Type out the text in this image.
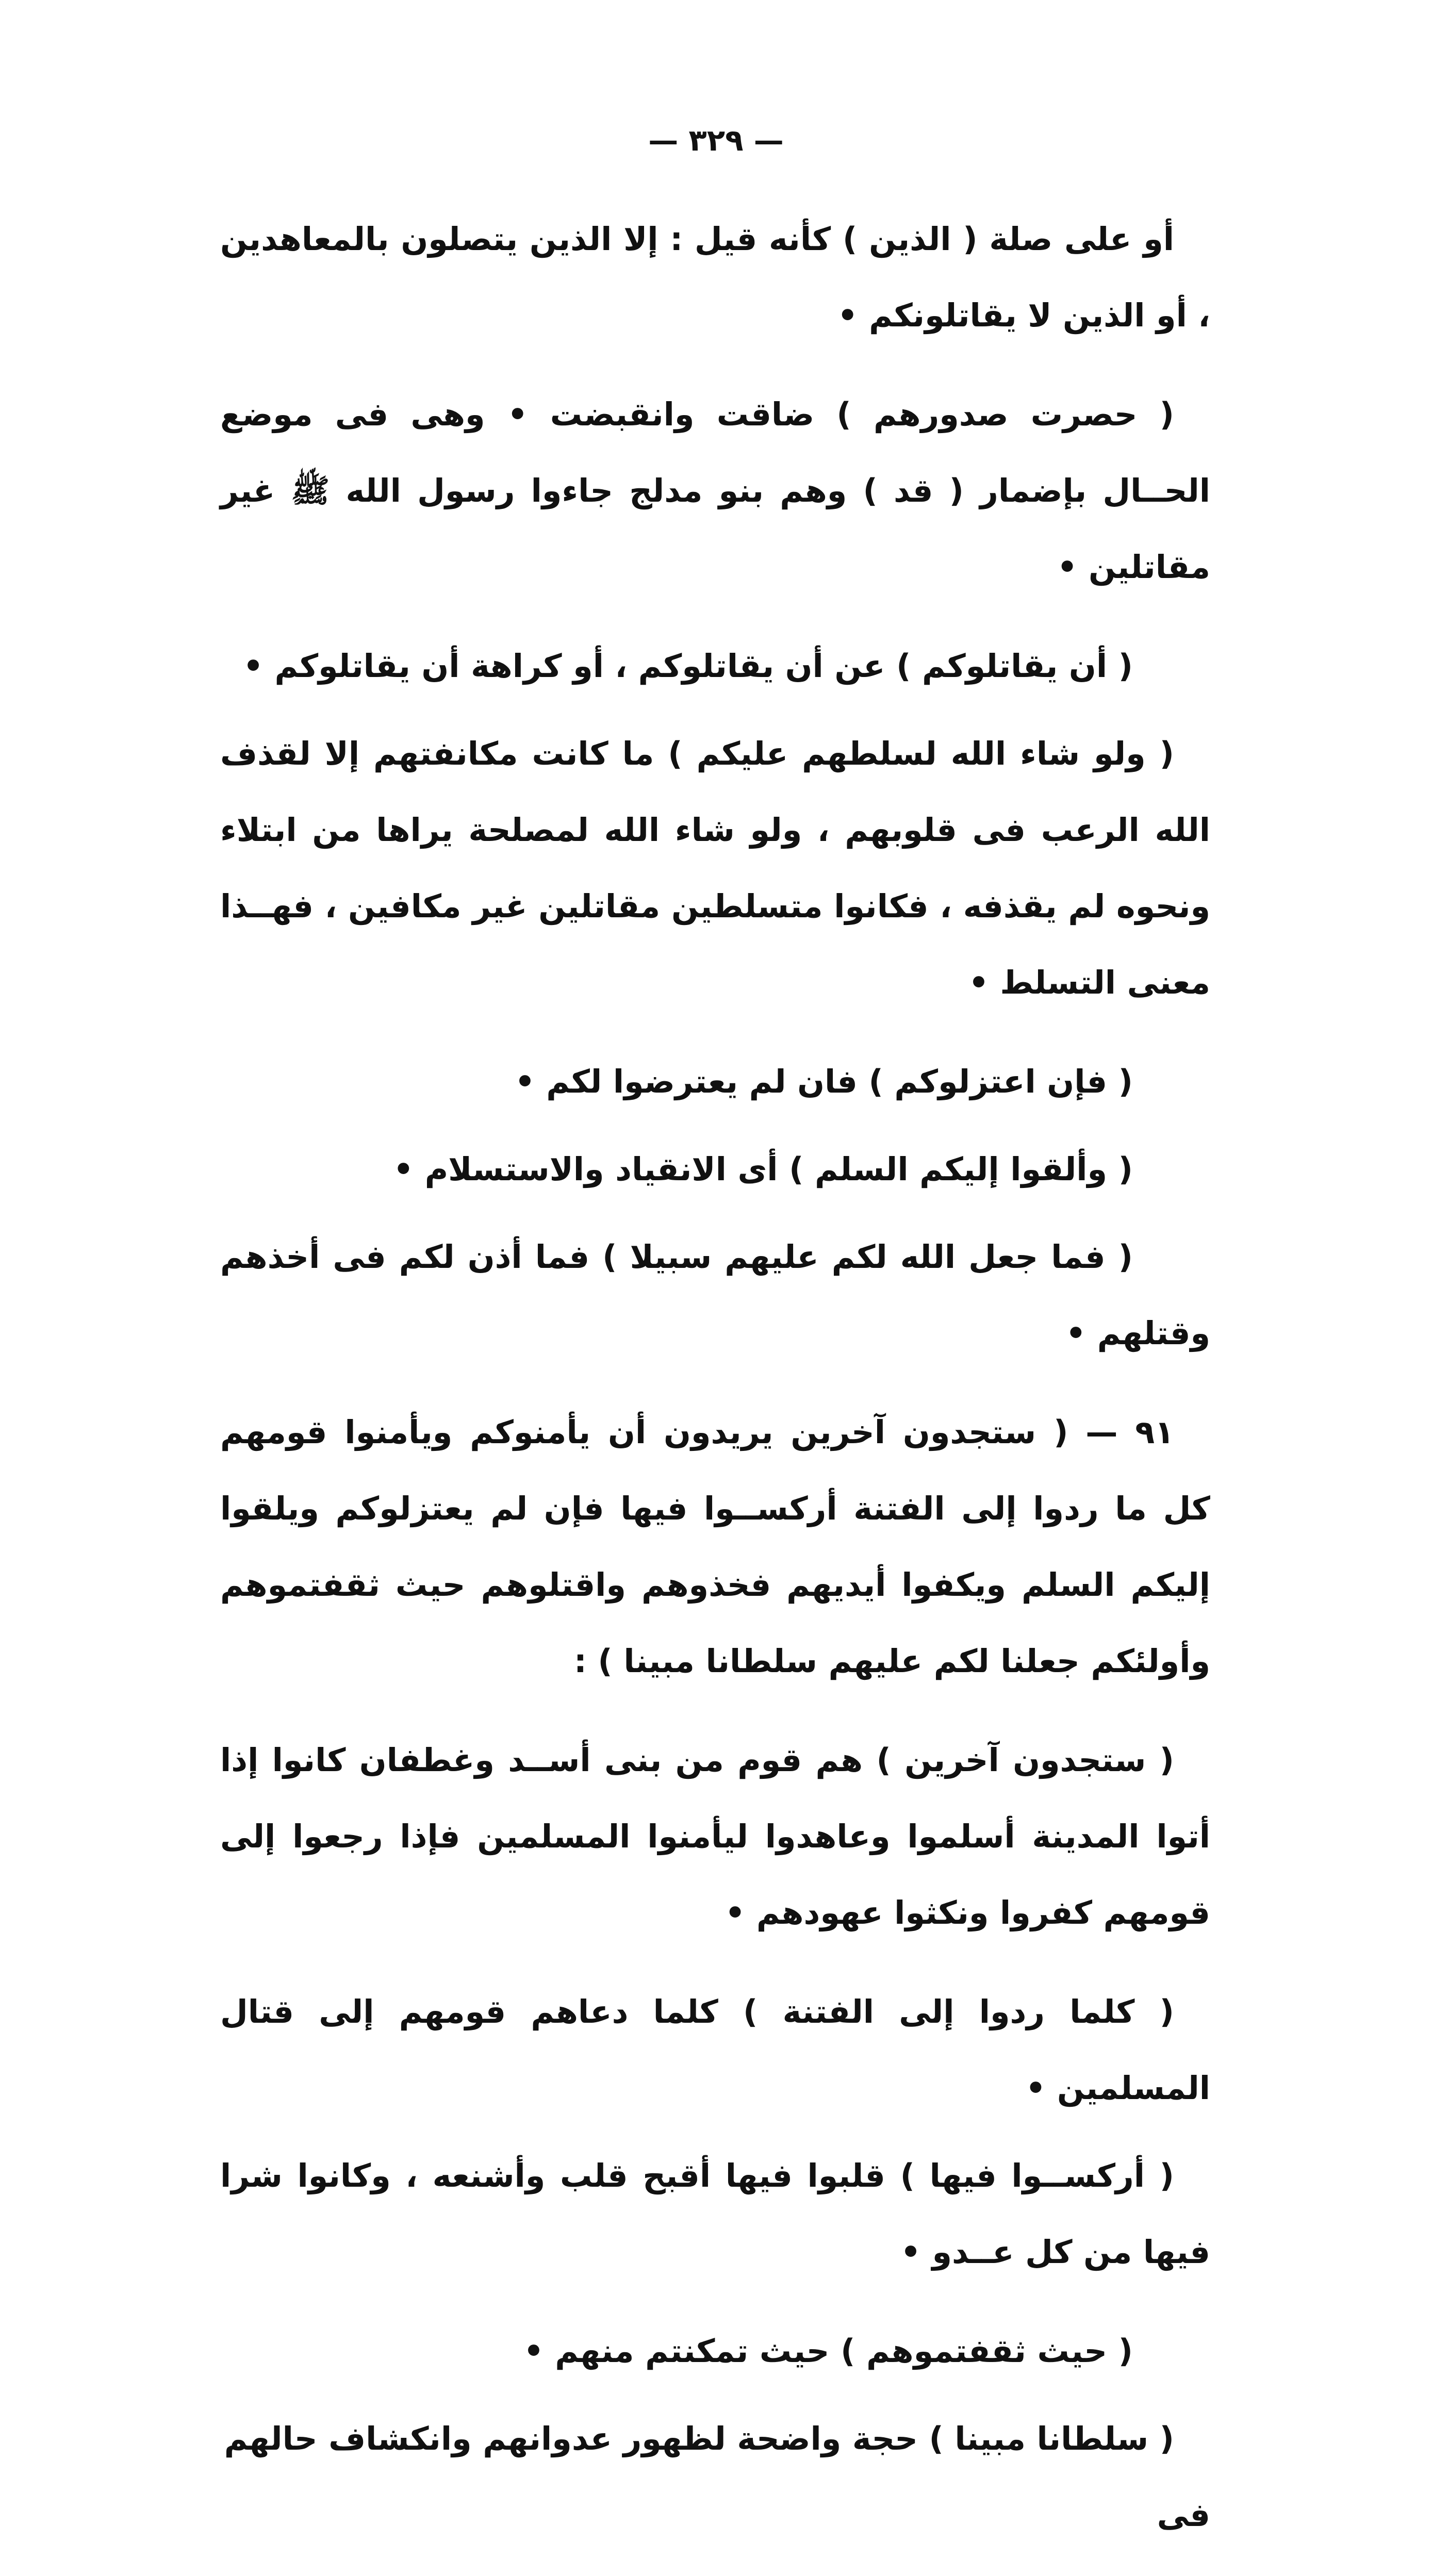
— ٣٢٩ —

أو على صلة ( الذين ) كأنه قيل : إلا الذين يتصلون بالمعاهدين ، أو الذين لا يقاتلونكم •

( حصرت صدورهم ) ضاقت وانقبضت • وهى فى موضع الحــال بإضمار ( قد ) وهم بنو مدلج جاءوا رسول الله ﷺ غير مقاتلين •

( أن يقاتلوكم ) عن أن يقاتلوكم ، أو كراهة أن يقاتلوكم •

( ولو شاء الله لسلطهم عليكم ) ما كانت مكانفتهم إلا لقذف الله الرعب فى قلوبهم ، ولو شاء الله لمصلحة يراها من ابتلاء ونحوه لم يقذفه ، فكانوا متسلطين مقاتلين غير مكافين ، فهــذا معنى التسلط •

( فإن اعتزلوكم ) فان لم يعترضوا لكم •

( وألقوا إليكم السلم ) أى الانقياد والاستسلام •

( فما جعل الله لكم عليهم سبيلا ) فما أذن لكم فى أخذهم وقتلهم •

٩١ — ( ستجدون آخرين يريدون أن يأمنوكم ويأمنوا قومهم كل ما ردوا إلى الفتنة أركســوا فيها فإن لم يعتزلوكم ويلقوا إليكم السلم ويكفوا أيديهم فخذوهم واقتلوهم حيث ثقفتموهم وأولئكم جعلنا لكم عليهم سلطانا مبينا ) :

( ستجدون آخرين ) هم قوم من بنى أســد وغطفان كانوا إذا أتوا المدينة أسلموا وعاهدوا ليأمنوا المسلمين فإذا رجعوا إلى قومهم كفروا ونكثوا عهودهم •

( كلما ردوا إلى الفتنة ) كلما دعاهم قومهم إلى قتال المسلمين •

( أركســوا فيها ) قلبوا فيها أقبح قلب وأشنعه ، وكانوا شرا فيها من كل عــدو •

( حيث ثقفتموهم ) حيث تمكنتم منهم •

( سلطانا مبينا ) حجة واضحة لظهور عدوانهم وانكشاف حالهم فى
